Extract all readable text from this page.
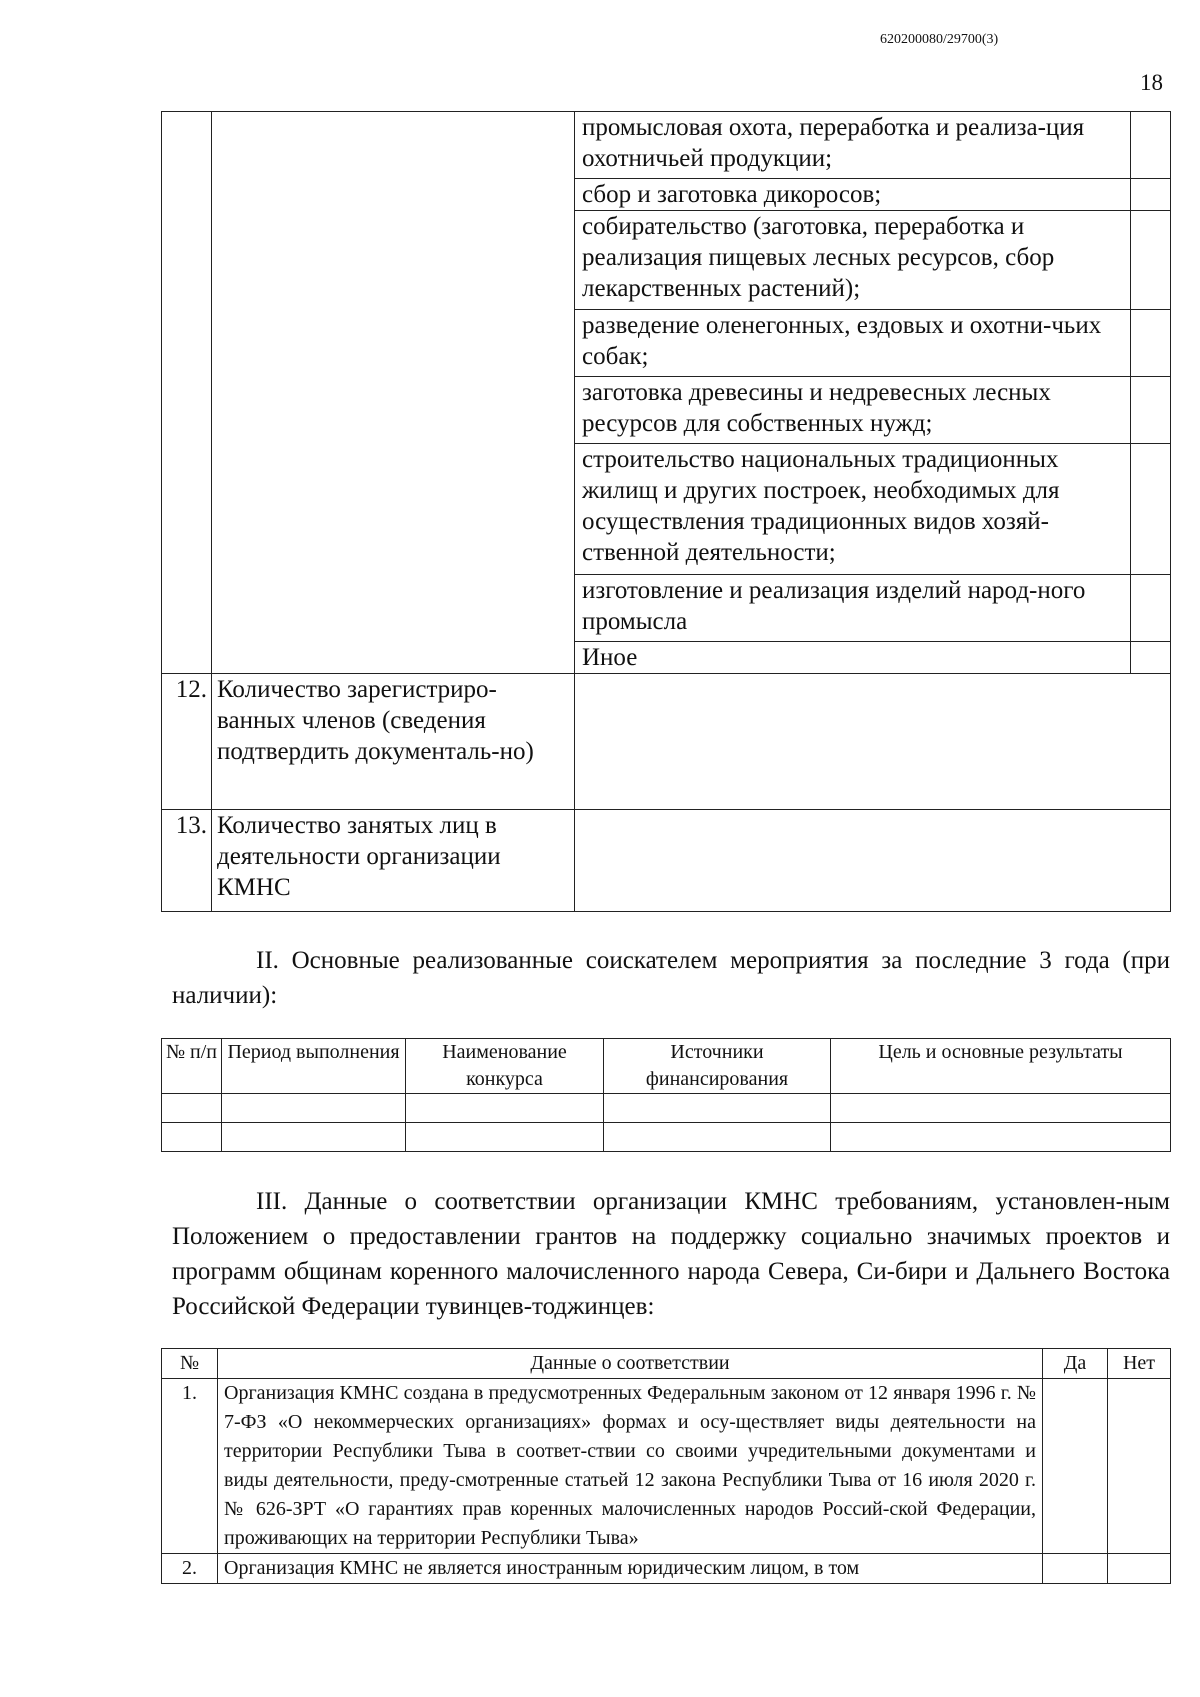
620200080/29700(3)
18
		промысловая охота, переработка и реализа-ция охотничьей продукции;	
		сбор и заготовка дикоросов;	
		собирательство (заготовка, переработка и реализация пищевых лесных ресурсов, сбор лекарственных растений);	
		разведение оленегонных, ездовых и охотни-чьих собак;	
		заготовка древесины и недревесных лесных ресурсов для собственных нужд;	
		строительство национальных традиционных жилищ и других построек, необходимых для осуществления традиционных видов хозяй-ственной деятельности;	
		изготовление и реализация изделий народ-ного промысла	
		Иное	
12.	Количество зарегистриро-ванных членов (сведения подтвердить документаль-но)		
13.	Количество занятых лиц в деятельности организации КМНС		
II. Основные реализованные соискателем мероприятия за последние 3 года (при наличии):
№ п/п	Период выполнения	Наименование конкурса	Источники финансирования	Цель и основные результаты

III. Данные о соответствии организации КМНС требованиям, установлен-ным Положением о предоставлении грантов на поддержку социально значимых проектов и программ общинам коренного малочисленного народа Севера, Си-бири и Дальнего Востока Российской Федерации тувинцев-тоджинцев:
№	Данные о соответствии	Да	Нет
1.	Организация КМНС создана в предусмотренных Федеральным законом от 12 января 1996 г. № 7-ФЗ «О некоммерческих организациях» формах и осу-ществляет виды деятельности на территории Республики Тыва в соответ-ствии со своими учредительными документами и виды деятельности, преду-смотренные статьей 12 закона Республики Тыва от 16 июля 2020 г. № 626-ЗРТ «О гарантиях прав коренных малочисленных народов Россий-ской Федерации, проживающих на территории Республики Тыва»		
2.	Организация КМНС не является иностранным юридическим лицом, в том		
